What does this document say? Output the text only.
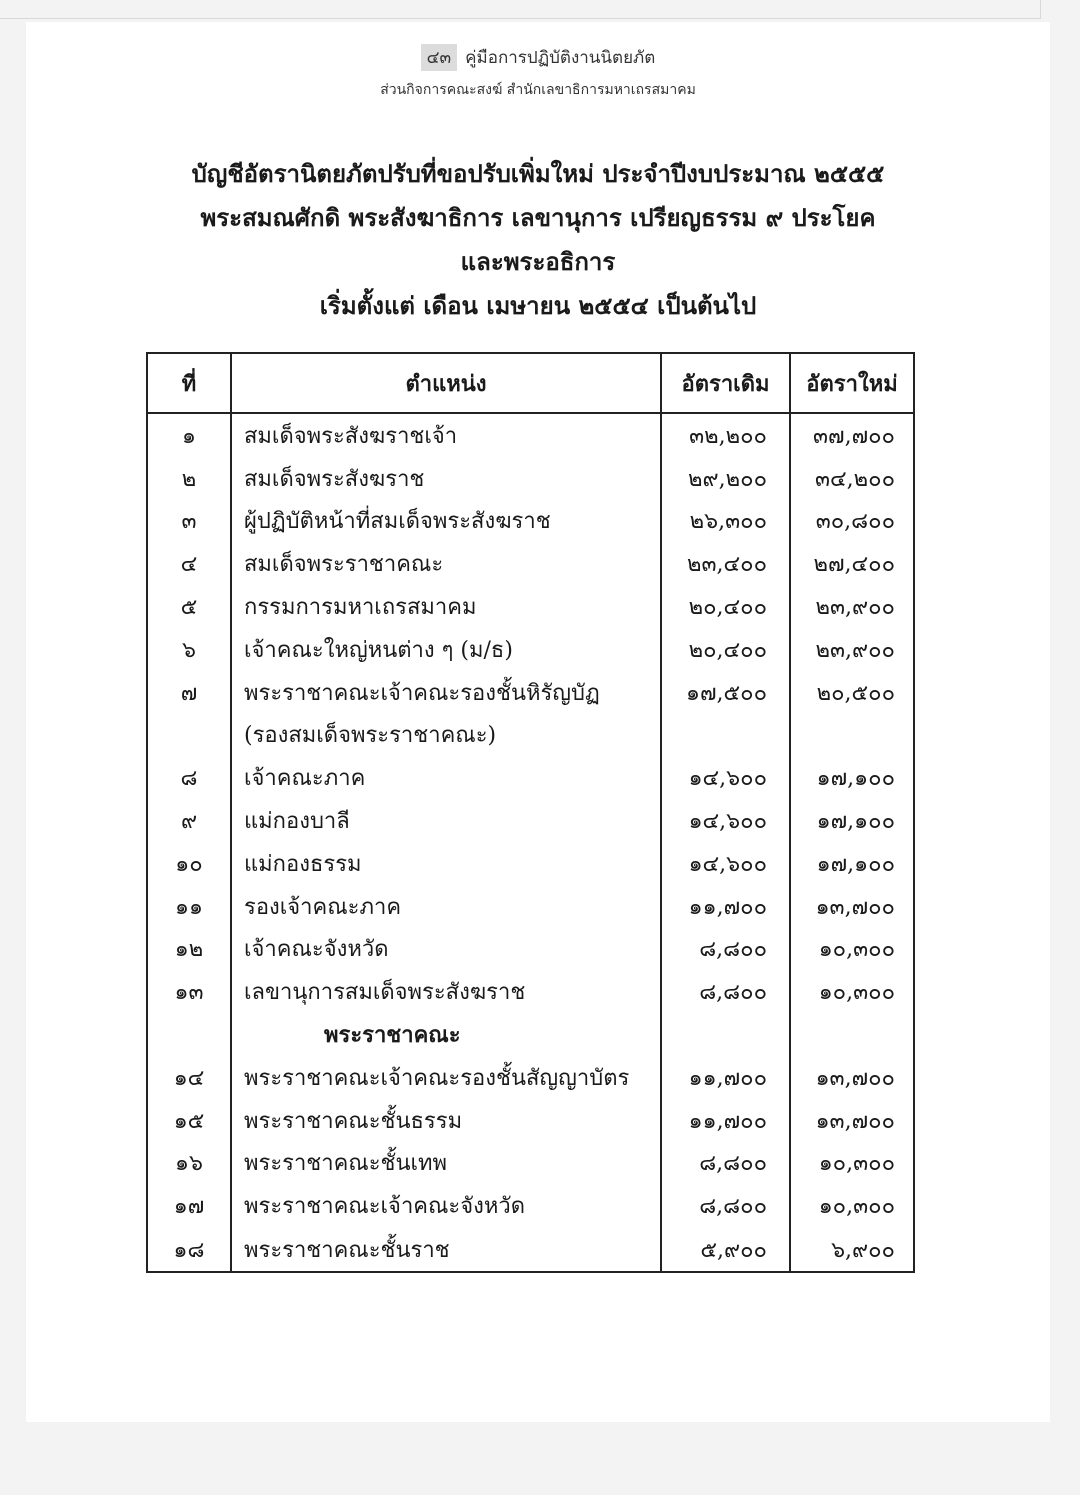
๔๓ คู่มือการปฏิบัติงานนิตยภัต
ส่วนกิจการคณะสงฆ์ สำนักเลขาธิการมหาเถรสมาคม
บัญชีอัตรานิตยภัตปรับที่ขอปรับเพิ่มใหม่ ประจำปีงบประมาณ ๒๕๕๕
พระสมณศักดิ พระสังฆาธิการ เลขานุการ เปรียญธรรม ๙ ประโยค
และพระอธิการ
เริ่มตั้งแต่ เดือน เมษายน ๒๕๕๔ เป็นต้นไป
ที่	ตำแหน่ง	อัตราเดิม	อัตราใหม่
๑	สมเด็จพระสังฆราชเจ้า	๓๒,๒๐๐	๓๗,๗๐๐
๒	สมเด็จพระสังฆราช	๒๙,๒๐๐	๓๔,๒๐๐
๓	ผู้ปฏิบัติหน้าที่สมเด็จพระสังฆราช	๒๖,๓๐๐	๓๐,๘๐๐
๔	สมเด็จพระราชาคณะ	๒๓,๔๐๐	๒๗,๔๐๐
๕	กรรมการมหาเถรสมาคม	๒๐,๔๐๐	๒๓,๙๐๐
๖	เจ้าคณะใหญ่หนต่าง ๆ (ม/ธ)	๒๐,๔๐๐	๒๓,๙๐๐
๗	พระราชาคณะเจ้าคณะรองชั้นหิรัญบัฏ	๑๗,๕๐๐	๒๐,๕๐๐
	(รองสมเด็จพระราชาคณะ)		
๘	เจ้าคณะภาค	๑๔,๖๐๐	๑๗,๑๐๐
๙	แม่กองบาลี	๑๔,๖๐๐	๑๗,๑๐๐
๑๐	แม่กองธรรม	๑๔,๖๐๐	๑๗,๑๐๐
๑๑	รองเจ้าคณะภาค	๑๑,๗๐๐	๑๓,๗๐๐
๑๒	เจ้าคณะจังหวัด	๘,๘๐๐	๑๐,๓๐๐
๑๓	เลขานุการสมเด็จพระสังฆราช	๘,๘๐๐	๑๐,๓๐๐
	พระราชาคณะ		
๑๔	พระราชาคณะเจ้าคณะรองชั้นสัญญาบัตร	๑๑,๗๐๐	๑๓,๗๐๐
๑๕	พระราชาคณะชั้นธรรม	๑๑,๗๐๐	๑๓,๗๐๐
๑๖	พระราชาคณะชั้นเทพ	๘,๘๐๐	๑๐,๓๐๐
๑๗	พระราชาคณะเจ้าคณะจังหวัด	๘,๘๐๐	๑๐,๓๐๐
๑๘	พระราชาคณะชั้นราช	๕,๙๐๐	๖,๙๐๐
